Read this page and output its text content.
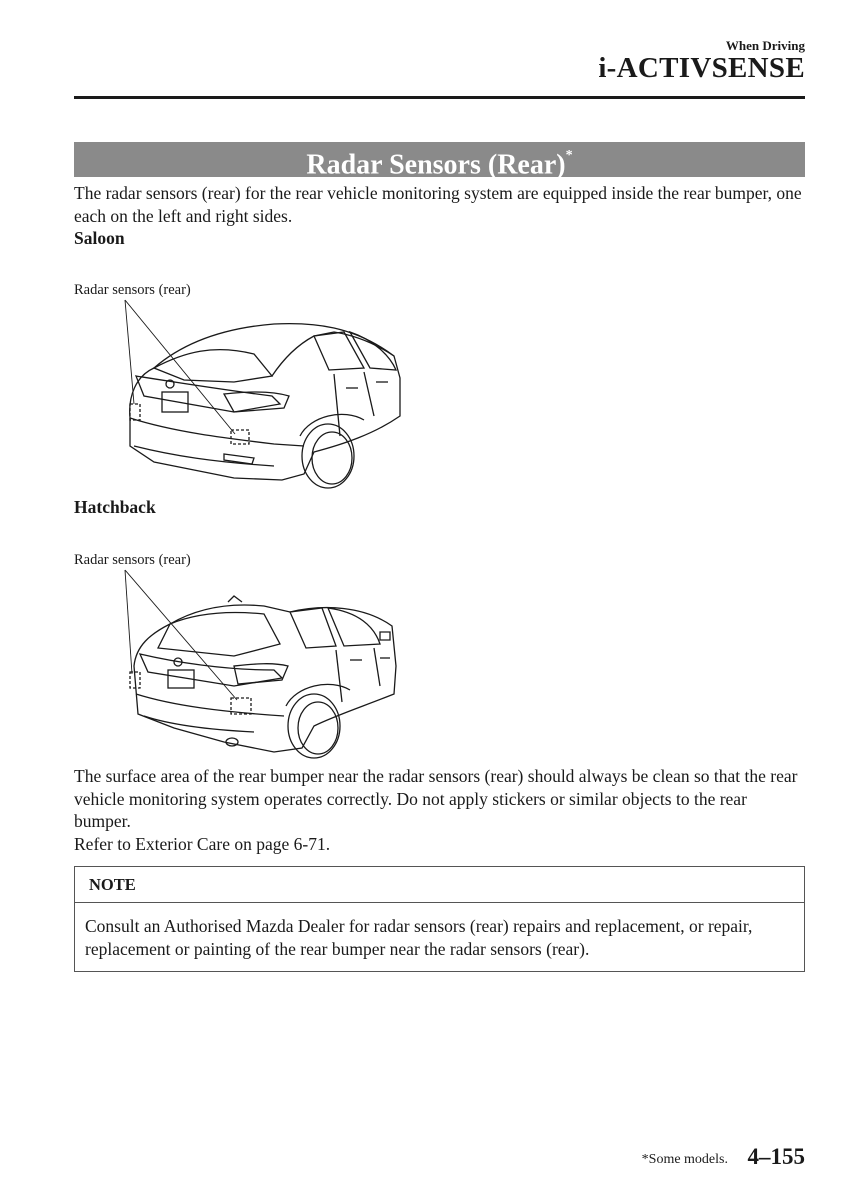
When Driving
i-ACTIVSENSE
Radar Sensors (Rear)*
The radar sensors (rear) for the rear vehicle monitoring system are equipped inside the rear bumper, one each on the left and right sides.
Saloon
Radar sensors (rear)
Hatchback
Radar sensors (rear)
The surface area of the rear bumper near the radar sensors (rear) should always be clean so that the rear vehicle monitoring system operates correctly. Do not apply stickers or similar objects to the rear bumper.
Refer to Exterior Care on page 6-71.
NOTE
Consult an Authorised Mazda Dealer for radar sensors (rear) repairs and replacement, or repair, replacement or painting of the rear bumper near the radar sensors (rear).
*Some models. 4–155
